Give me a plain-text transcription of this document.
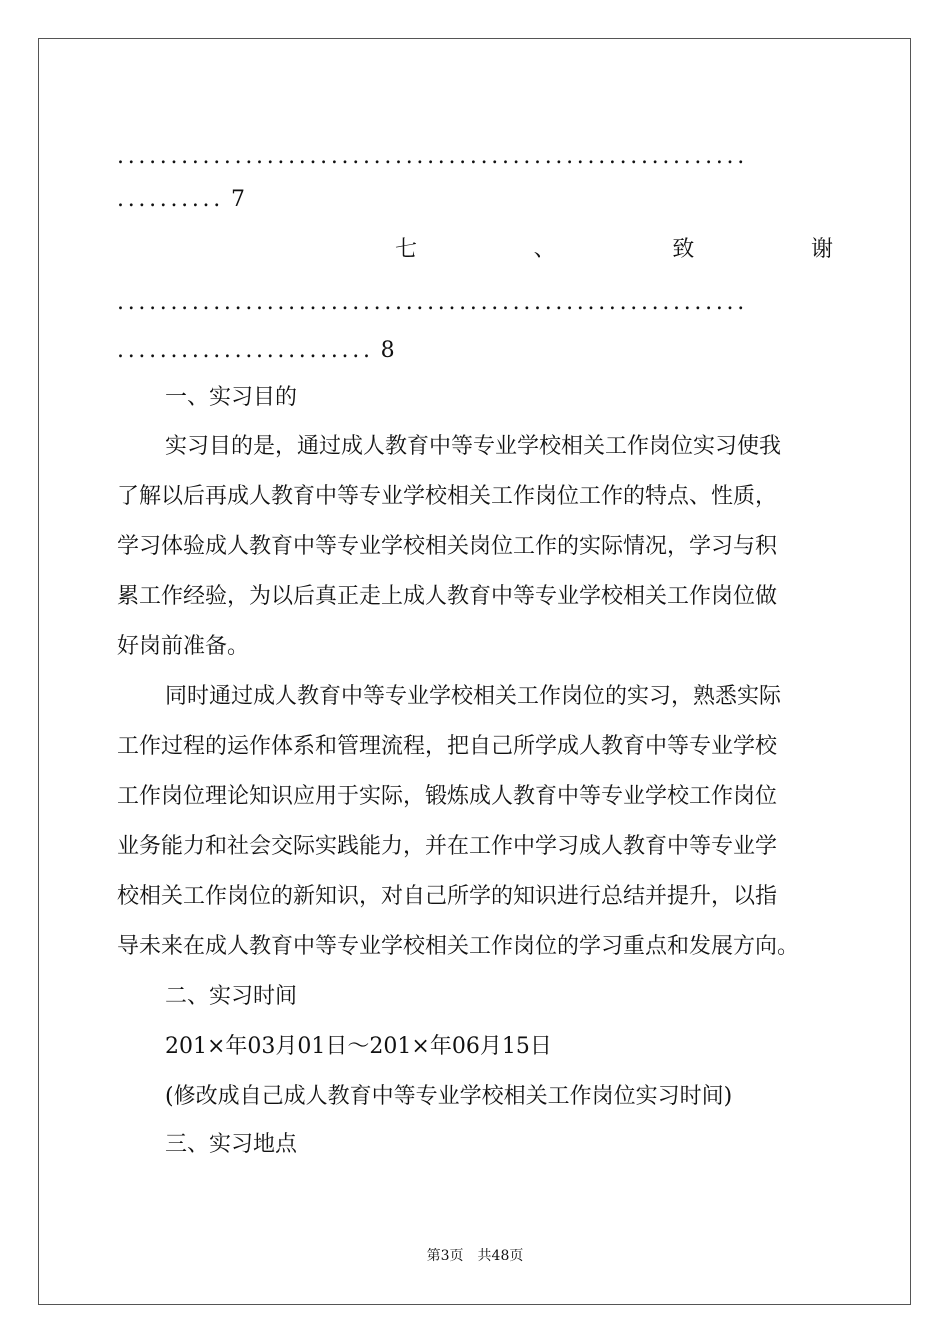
...........................................................
.......... 7
七	、	致	谢
...........................................................
........................ 8
一、实习目的
实习目的是，通过成人教育中等专业学校相关工作岗位实习使我
了解以后再成人教育中等专业学校相关工作岗位工作的特点、性质，
学习体验成人教育中等专业学校相关岗位工作的实际情况，学习与积
累工作经验，为以后真正走上成人教育中等专业学校相关工作岗位做
好岗前准备。
同时通过成人教育中等专业学校相关工作岗位的实习，熟悉实际
工作过程的运作体系和管理流程，把自己所学成人教育中等专业学校
工作岗位理论知识应用于实际，锻炼成人教育中等专业学校工作岗位
业务能力和社会交际实践能力，并在工作中学习成人教育中等专业学
校相关工作岗位的新知识，对自己所学的知识进行总结并提升，以指
导未来在成人教育中等专业学校相关工作岗位的学习重点和发展方向。
二、实习时间
201×年03月01日～201×年06月15日
(修改成自己成人教育中等专业学校相关工作岗位实习时间)
三、实习地点
第3页　共48页
